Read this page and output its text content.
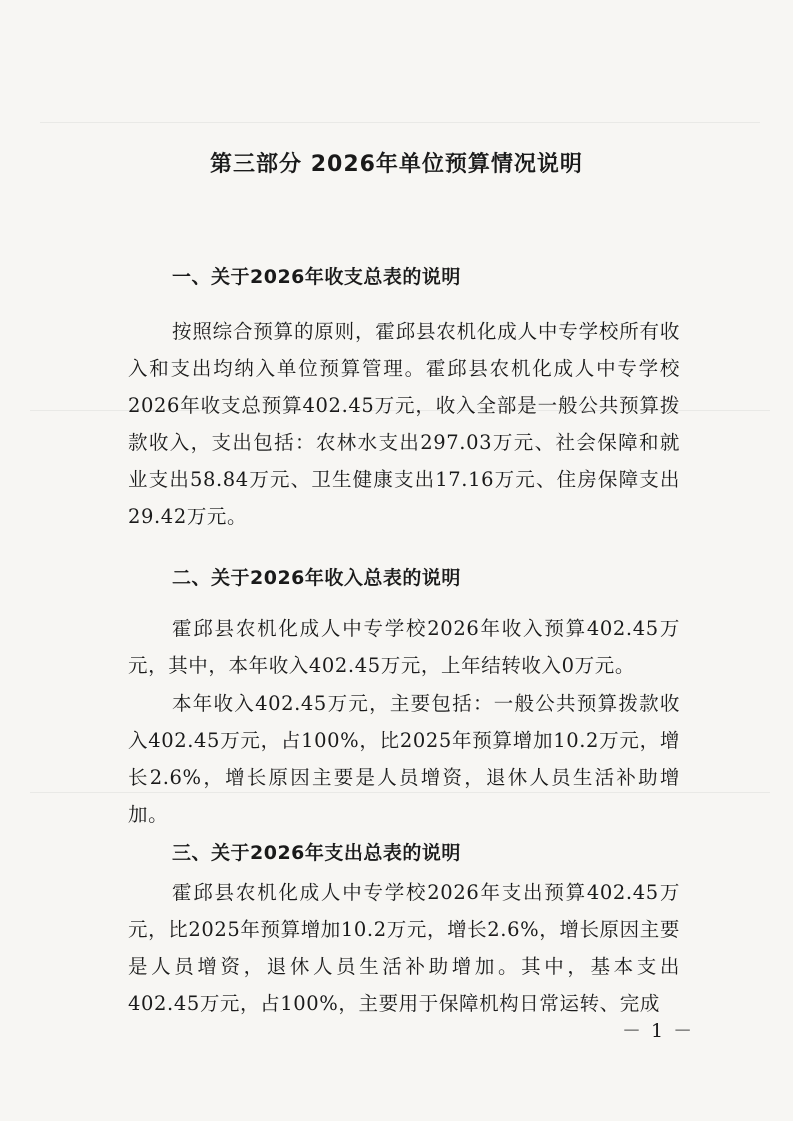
第三部分 2026年单位预算情况说明
一、关于2026年收支总表的说明

按照综合预算的原则，霍邱县农机化成人中专学校所有收入和支出均纳入单位预算管理。霍邱县农机化成人中专学校2026年收支总预算402.45万元，收入全部是一般公共预算拨款收入，支出包括：农林水支出297.03万元、社会保障和就业支出58.84万元、卫生健康支出17.16万元、住房保障支出29.42万元。

二、关于2026年收入总表的说明

霍邱县农机化成人中专学校2026年收入预算402.45万元，其中，本年收入402.45万元，上年结转收入0万元。

本年收入402.45万元，主要包括：一般公共预算拨款收入402.45万元，占100%，比2025年预算增加10.2万元，增长2.6%，增长原因主要是人员增资，退休人员生活补助增加。

三、关于2026年支出总表的说明

霍邱县农机化成人中专学校2026年支出预算402.45万元，比2025年预算增加10.2万元，增长2.6%，增长原因主要是人员增资，退休人员生活补助增加。其中，基本支出402.45万元，占100%，主要用于保障机构日常运转、完成

－ 1 －
